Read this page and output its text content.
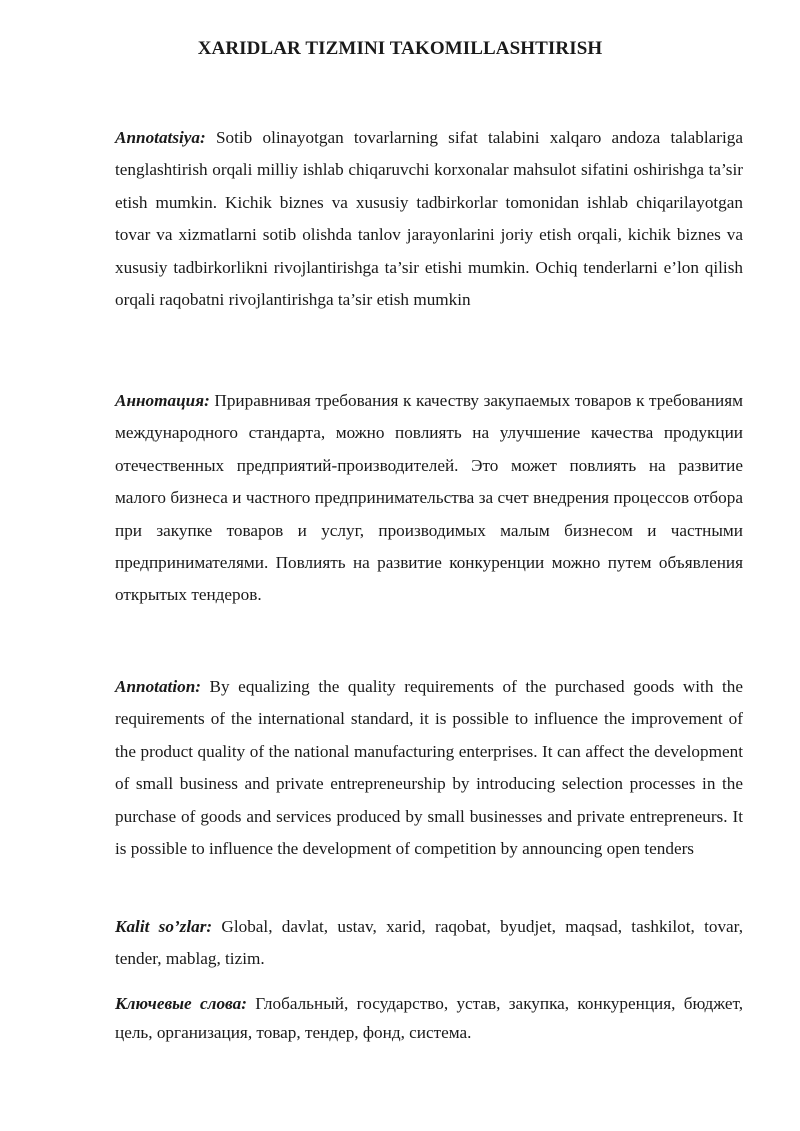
XARIDLAR TIZMINI TAKOMILLASHTIRISH

Annotatsiya: Sotib olinayotgan tovarlarning sifat talabini xalqaro andoza talablariga tenglashtirish orqali milliy ishlab chiqaruvchi korxonalar mahsulot sifatini oshirishga ta’sir etish mumkin. Kichik biznes va xususiy tadbirkorlar tomonidan ishlab chiqarilayotgan tovar va xizmatlarni sotib olishda tanlov jarayonlarini joriy etish orqali, kichik biznes va xususiy tadbirkorlikni rivojlantirishga ta’sir etishi mumkin. Ochiq tenderlarni e’lon qilish orqali raqobatni rivojlantirishga ta’sir etish mumkin

Аннотация: Приравнивая требования к качеству закупаемых товаров к требованиям международного стандарта, можно повлиять на улучшение качества продукции отечественных предприятий-производителей. Это может повлиять на развитие малого бизнеса и частного предпринимательства за счет внедрения процессов отбора при закупке товаров и услуг, производимых малым бизнесом и частными предпринимателями. Повлиять на развитие конкуренции можно путем объявления открытых тендеров.

Annotation: By equalizing the quality requirements of the purchased goods with the requirements of the international standard, it is possible to influence the improvement of the product quality of the national manufacturing enterprises. It can affect the development of small business and private entrepreneurship by introducing selection processes in the purchase of goods and services produced by small businesses and private entrepreneurs. It is possible to influence the development of competition by announcing open tenders

Kalit so’zlar: Global, davlat, ustav, xarid, raqobat, byudjet, maqsad, tashkilot, tovar, tender, mablag, tizim.

Ключевые слова: Глобальный, государство, устав, закупка, конкуренция, бюджет, цель, организация, товар, тендер, фонд, система.
